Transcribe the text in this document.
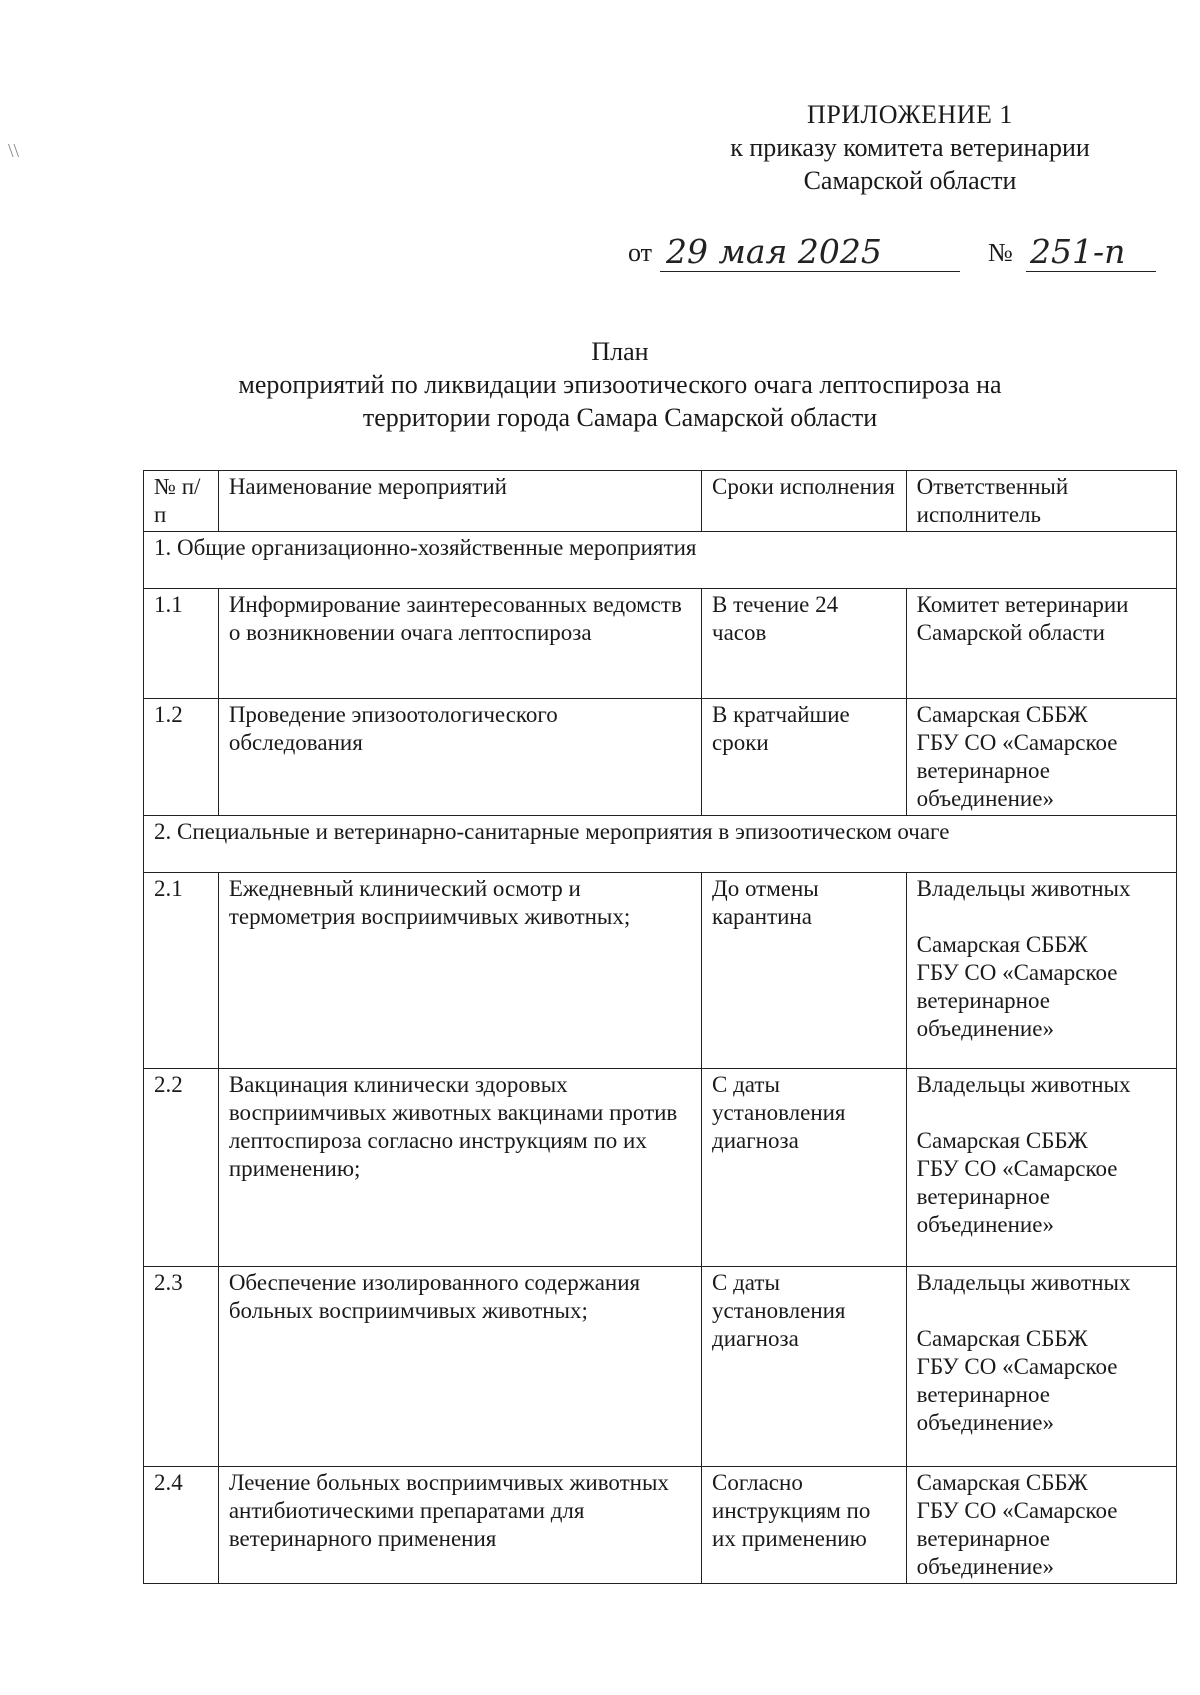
\\
ПРИЛОЖЕНИЕ 1
к приказу комитета ветеринарии
Самарской области
от 29 мая 2025	№ 251-п
План
мероприятий по ликвидации эпизоотического очага лептоспироза на
территории города Самара Самарской области
№ п/п	Наименование мероприятий	Сроки исполнения	Ответственный исполнитель
1. Общие организационно-хозяйственные мероприятия			
1.1	Информирование заинтересованных ведомств о возникновении очага лептоспироза	В течение 24 часов	Комитет ветеринарии Самарской области

1.2	Проведение эпизоотологического обследования	В кратчайшие сроки	Самарская СББЖ
ГБУ СО «Самарское ветеринарное объединение»

2. Специальные и ветеринарно-санитарные мероприятия в эпизоотическом очаге			
2.1	Ежедневный клинический осмотр и термометрия восприимчивых животных;	До отмены карантина	Владельцы животных
Самарская СББЖ
ГБУ СО «Самарское ветеринарное объединение»

2.2	Вакцинация клинически здоровых восприимчивых животных вакцинами против лептоспироза согласно инструкциям по их применению;	С даты установления диагноза	Владельцы животных
Самарская СББЖ
ГБУ СО «Самарское ветеринарное объединение»

2.3	Обеспечение изолированного содержания больных восприимчивых животных;	С даты установления диагноза	Владельцы животных
Самарская СББЖ
ГБУ СО «Самарское ветеринарное объединение»

2.4	Лечение больных восприимчивых животных антибиотическими препаратами для ветеринарного применения	Согласно инструкциям по их применению	Самарская СББЖ
ГБУ СО «Самарское ветеринарное объединение»
